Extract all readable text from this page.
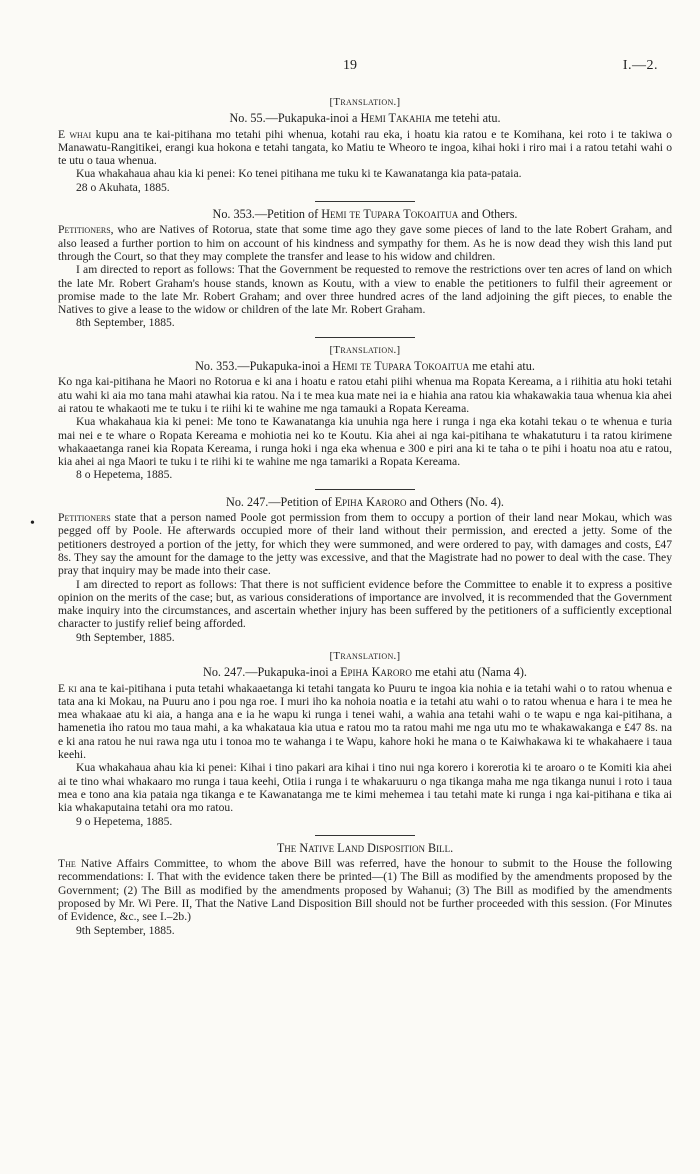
19	I.—2.
•
[Translation.]
No. 55.—Pukapuka-inoi a Hemi Takahia me tetehi atu.

E whai kupu ana te kai-pitihana mo tetahi pihi whenua, kotahi rau eka, i hoatu kia ratou e te Komihana, kei roto i te takiwa o Manawatu-Rangitikei, erangi kua hokona e tetahi tangata, ko Matiu te Wheoro te ingoa, kihai hoki i riro mai i a ratou tetahi wahi o te utu o taua whenua.

Kua whakahaua ahau kia ki penei: Ko tenei pitihana me tuku ki te Kawanatanga kia pata-pataia.

28 o Akuhata, 1885.

No. 353.—Petition of Hemi te Tupara Tokoaitua and Others.

Petitioners, who are Natives of Rotorua, state that some time ago they gave some pieces of land to the late Robert Graham, and also leased a further portion to him on account of his kindness and sympathy for them. As he is now dead they wish this land put through the Court, so that they may complete the transfer and lease to his widow and children.

I am directed to report as follows: That the Government be requested to remove the restrictions over ten acres of land on which the late Mr. Robert Graham's house stands, known as Koutu, with a view to enable the petitioners to fulfil their agreement or promise made to the late Mr. Robert Graham; and over three hundred acres of the land adjoining the gift pieces, to enable the Natives to give a lease to the widow or children of the late Mr. Robert Graham.

8th September, 1885.

[Translation.]
No. 353.—Pukapuka-inoi a Hemi te Tupara Tokoaitua me etahi atu.

Ko nga kai-pitihana he Maori no Rotorua e ki ana i hoatu e ratou etahi piihi whenua ma Ropata Kereama, a i riihitia atu hoki tetahi atu wahi ki aia mo tana mahi atawhai kia ratou. Na i te mea kua mate nei ia e hiahia ana ratou kia whakawakia taua whenua kia ahei ai ratou te whakaoti me te tuku i te riihi ki te wahine me nga tamauki a Ropata Kereama.

Kua whakahaua kia ki penei: Me tono te Kawanatanga kia unuhia nga here i runga i nga eka kotahi tekau o te whenua e turia mai nei e te whare o Ropata Kereama e mohiotia nei ko te Koutu. Kia ahei ai nga kai-pitihana te whakatuturu i ta ratou kirimene whakaaetanga ranei kia Ropata Kereama, i runga hoki i nga eka whenua e 300 e piri ana ki te taha o te pihi i hoatu noa atu e ratou, kia ahei ai nga Maori te tuku i te riihi ki te wahine me nga tamariki a Ropata Kereama.

8 o Hepetema, 1885.

No. 247.—Petition of Epiha Karoro and Others (No. 4).

Petitioners state that a person named Poole got permission from them to occupy a portion of their land near Mokau, which was pegged off by Poole. He afterwards occupied more of their land without their permission, and erected a jetty. Some of the petitioners destroyed a portion of the jetty, for which they were summoned, and were ordered to pay, with damages and costs, £47 8s. They say the amount for the damage to the jetty was excessive, and that the Magistrate had no power to deal with the case. They pray that inquiry may be made into their case.

I am directed to report as follows: That there is not sufficient evidence before the Committee to enable it to express a positive opinion on the merits of the case; but, as various considerations of importance are involved, it is recommended that the Government make inquiry into the circumstances, and ascertain whether injury has been suffered by the petitioners of a sufficiently exceptional character to justify relief being afforded.

9th September, 1885.

[Translation.]
No. 247.—Pukapuka-inoi a Epiha Karoro me etahi atu (Nama 4).

E ki ana te kai-pitihana i puta tetahi whakaaetanga ki tetahi tangata ko Puuru te ingoa kia nohia e ia tetahi wahi o to ratou whenua e tata ana ki Mokau, na Puuru ano i pou nga roe. I muri iho ka nohoia noatia e ia tetahi atu wahi o to ratou whenua e hara i te mea he mea whakaae atu ki aia, a hanga ana e ia he wapu ki runga i tenei wahi, a wahia ana tetahi wahi o te wapu e nga kai-pitihana, a hamenetia iho ratou mo taua mahi, a ka whakataua kia utua e ratou mo ta ratou mahi me nga utu mo te whakawakanga e £47 8s. na e ki ana ratou he nui rawa nga utu i tonoa mo te wahanga i te Wapu, kahore hoki he mana o te Kaiwhakawa ki te whakahaere i taua keehi.

Kua whakahaua ahau kia ki penei: Kihai i tino pakari ara kihai i tino nui nga korero i korerotia ki te aroaro o te Komiti kia ahei ai te tino whai whakaaro mo runga i taua keehi, Otiia i runga i te whakaruuru o nga tikanga maha me nga tikanga nunui i roto i taua mea e tono ana kia pataia nga tikanga e te Kawanatanga me te kimi mehemea i tau tetahi mate ki runga i nga kai-pitihana e tika ai kia whakaputaina tetahi ora mo ratou.

9 o Hepetema, 1885.

The Native Land Disposition Bill.

The Native Affairs Committee, to whom the above Bill was referred, have the honour to submit to the House the following recommendations: I. That with the evidence taken there be printed—(1) The Bill as modified by the amendments proposed by the Government; (2) The Bill as modified by the amendments proposed by Wahanui; (3) The Bill as modified by the amendments proposed by Mr. Wi Pere. II, That the Native Land Disposition Bill should not be further proceeded with this session. (For Minutes of Evidence, &c., see I.–2b.)

9th September, 1885.
